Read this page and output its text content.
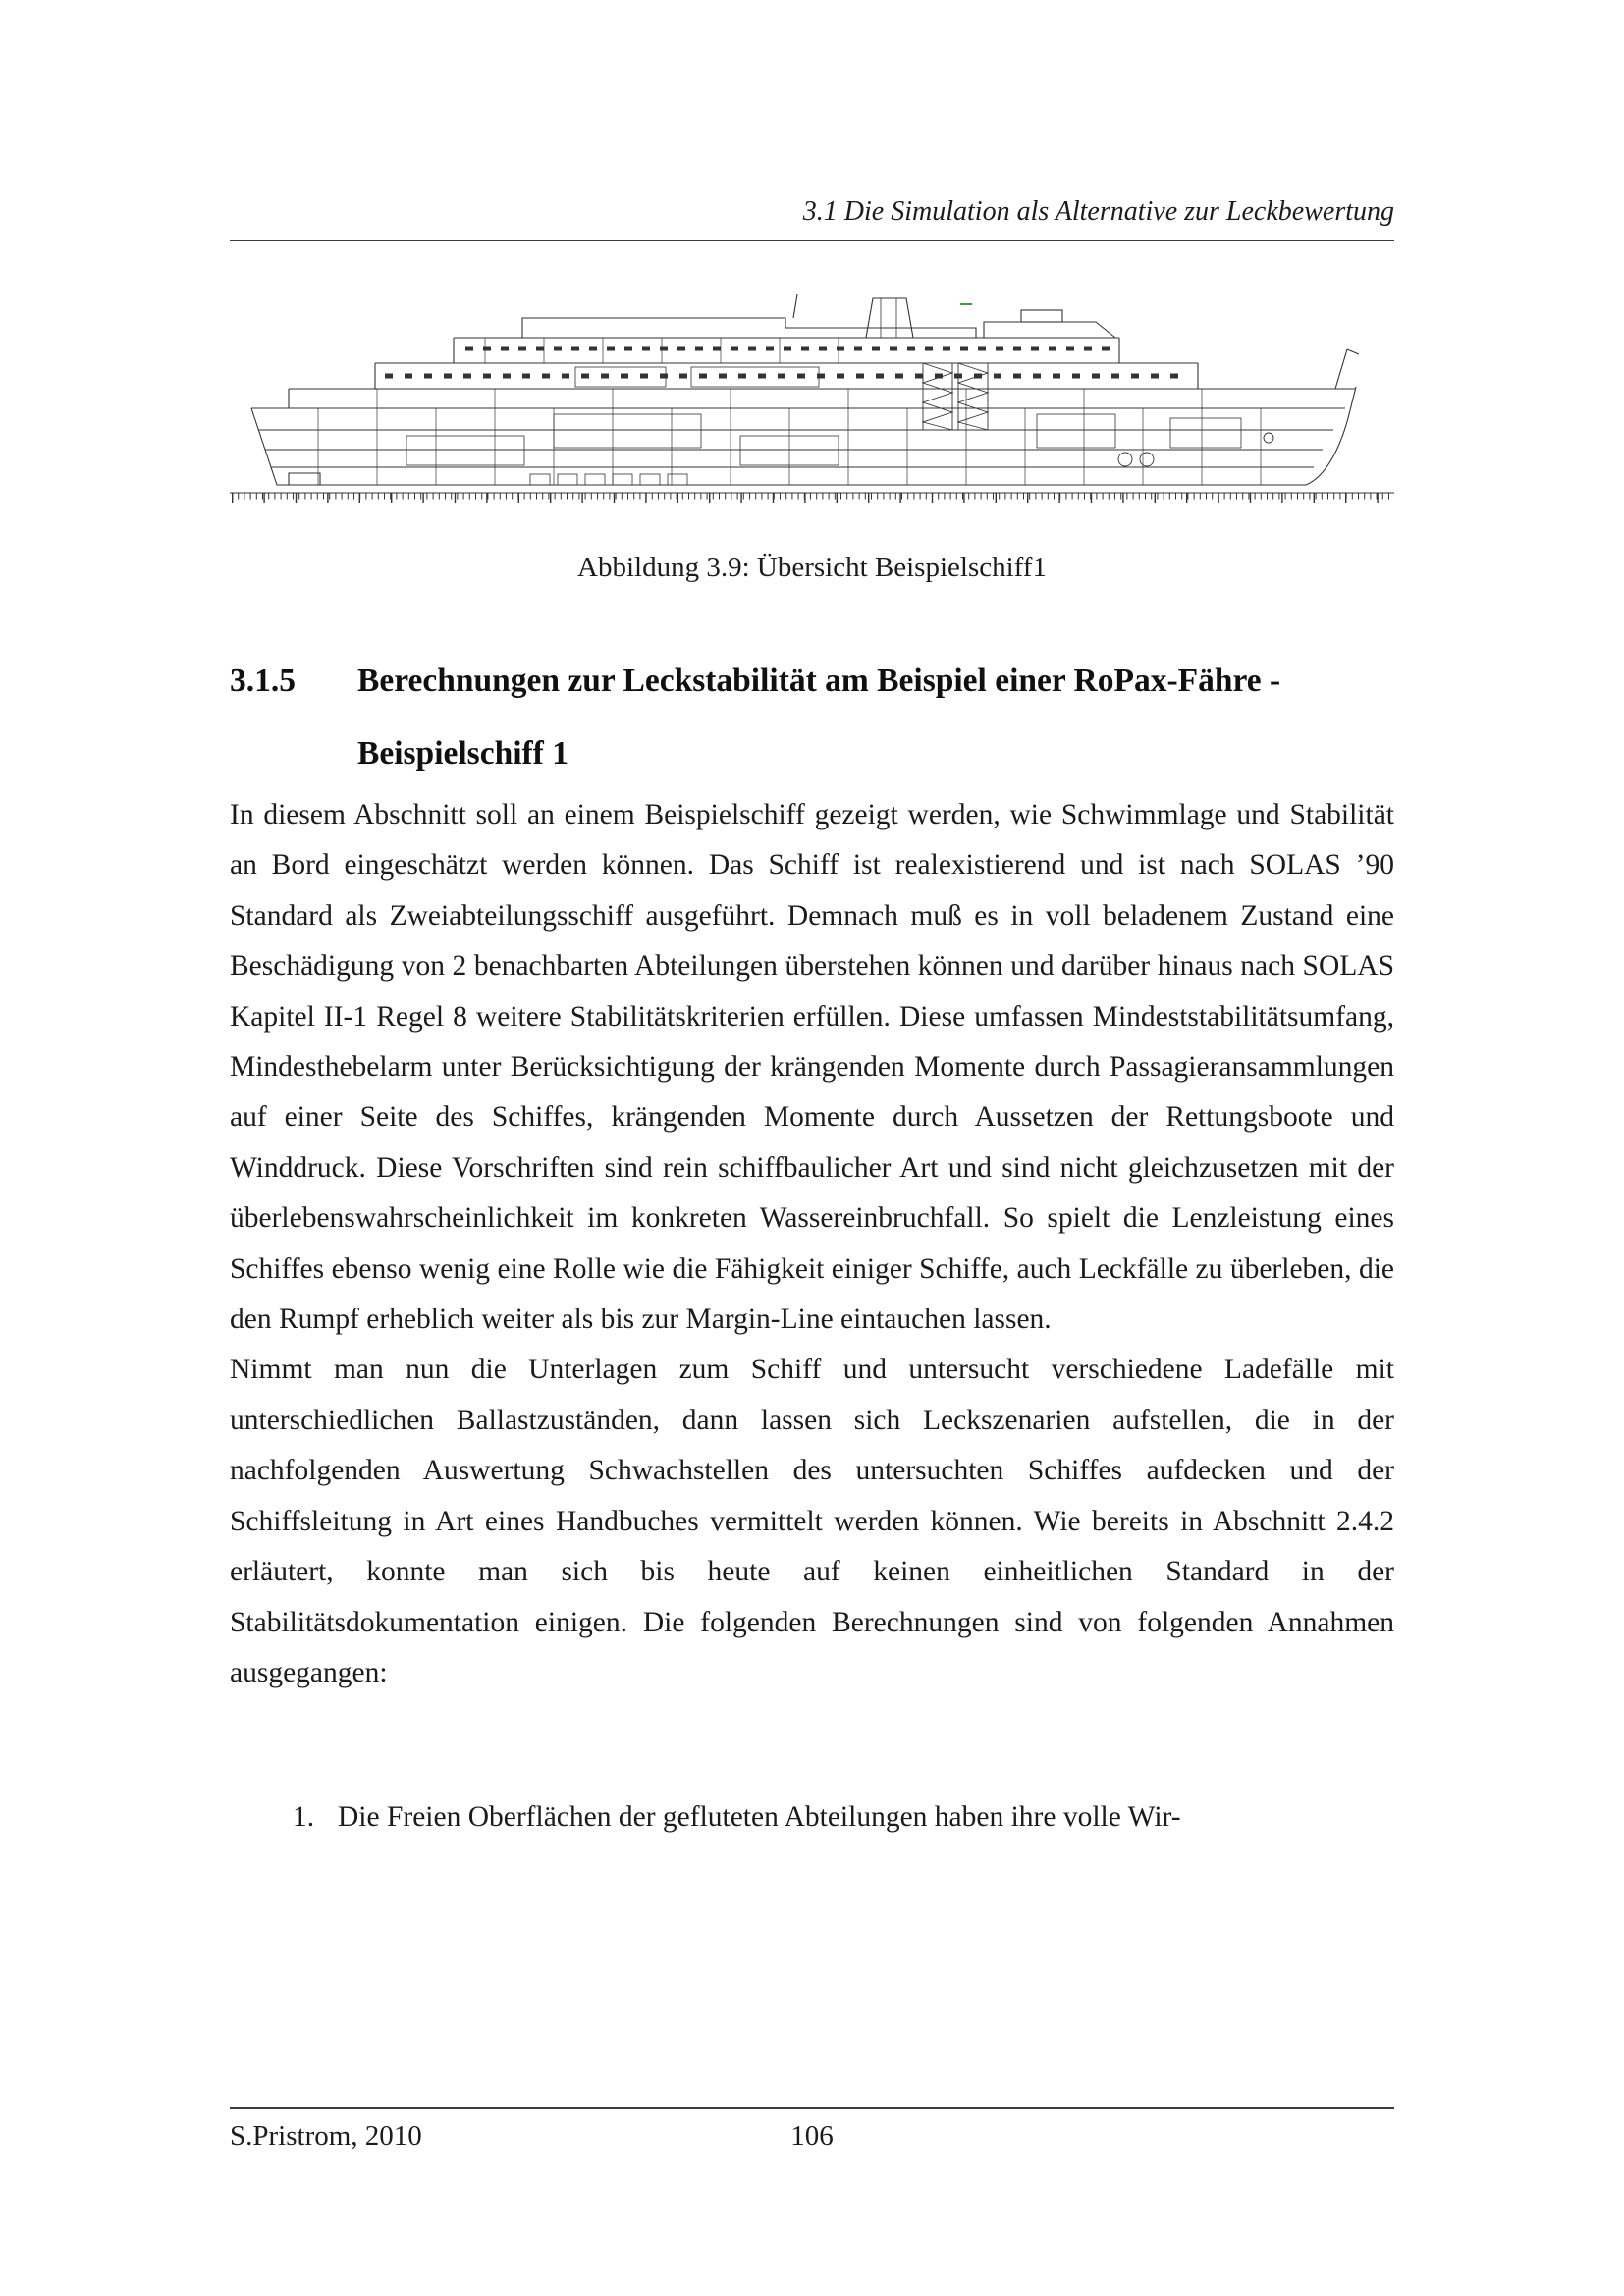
3.1 Die Simulation als Alternative zur Leckbewertung
Abbildung 3.9: Übersicht Beispielschiff1
3.1.5	Berechnungen zur Leckstabilität am Beispiel einer RoPax-Fähre - Beispielschiff 1

In diesem Abschnitt soll an einem Beispielschiff gezeigt werden, wie Schwimmlage und Stabilität an Bord eingeschätzt werden können. Das Schiff ist realexistierend und ist nach SOLAS ’90 Standard als Zweiabteilungsschiff ausgeführt. Demnach muß es in voll beladenem Zustand eine Beschädigung von 2 benachbarten Abteilungen überstehen können und darüber hinaus nach SOLAS Kapitel II-1 Regel 8 weitere Stabilitätskriterien erfüllen. Diese umfassen Mindeststabilitätsumfang, Mindesthebelarm unter Berücksichtigung der krängenden Momente durch Passagieransammlungen auf einer Seite des Schiffes, krängenden Momente durch Aussetzen der Rettungsboote und Winddruck. Diese Vorschriften sind rein schiffbaulicher Art und sind nicht gleichzusetzen mit der überlebenswahrscheinlichkeit im konkreten Wassereinbruchfall. So spielt die Lenzleistung eines Schiffes ebenso wenig eine Rolle wie die Fähigkeit einiger Schiffe, auch Leckfälle zu überleben, die den Rumpf erheblich weiter als bis zur Margin-Line eintauchen lassen.

Nimmt man nun die Unterlagen zum Schiff und untersucht verschiedene Ladefälle mit unterschiedlichen Ballastzuständen, dann lassen sich Leckszenarien aufstellen, die in der nachfolgenden Auswertung Schwachstellen des untersuchten Schiffes aufdecken und der Schiffsleitung in Art eines Handbuches vermittelt werden können. Wie bereits in Abschnitt 2.4.2 erläutert, konnte man sich bis heute auf keinen einheitlichen Standard in der Stabilitätsdokumentation einigen. Die folgenden Berechnungen sind von folgenden Annahmen ausgegangen:

1. Die Freien Oberflächen der gefluteten Abteilungen haben ihre volle Wir-
S.Pristrom, 2010	106
